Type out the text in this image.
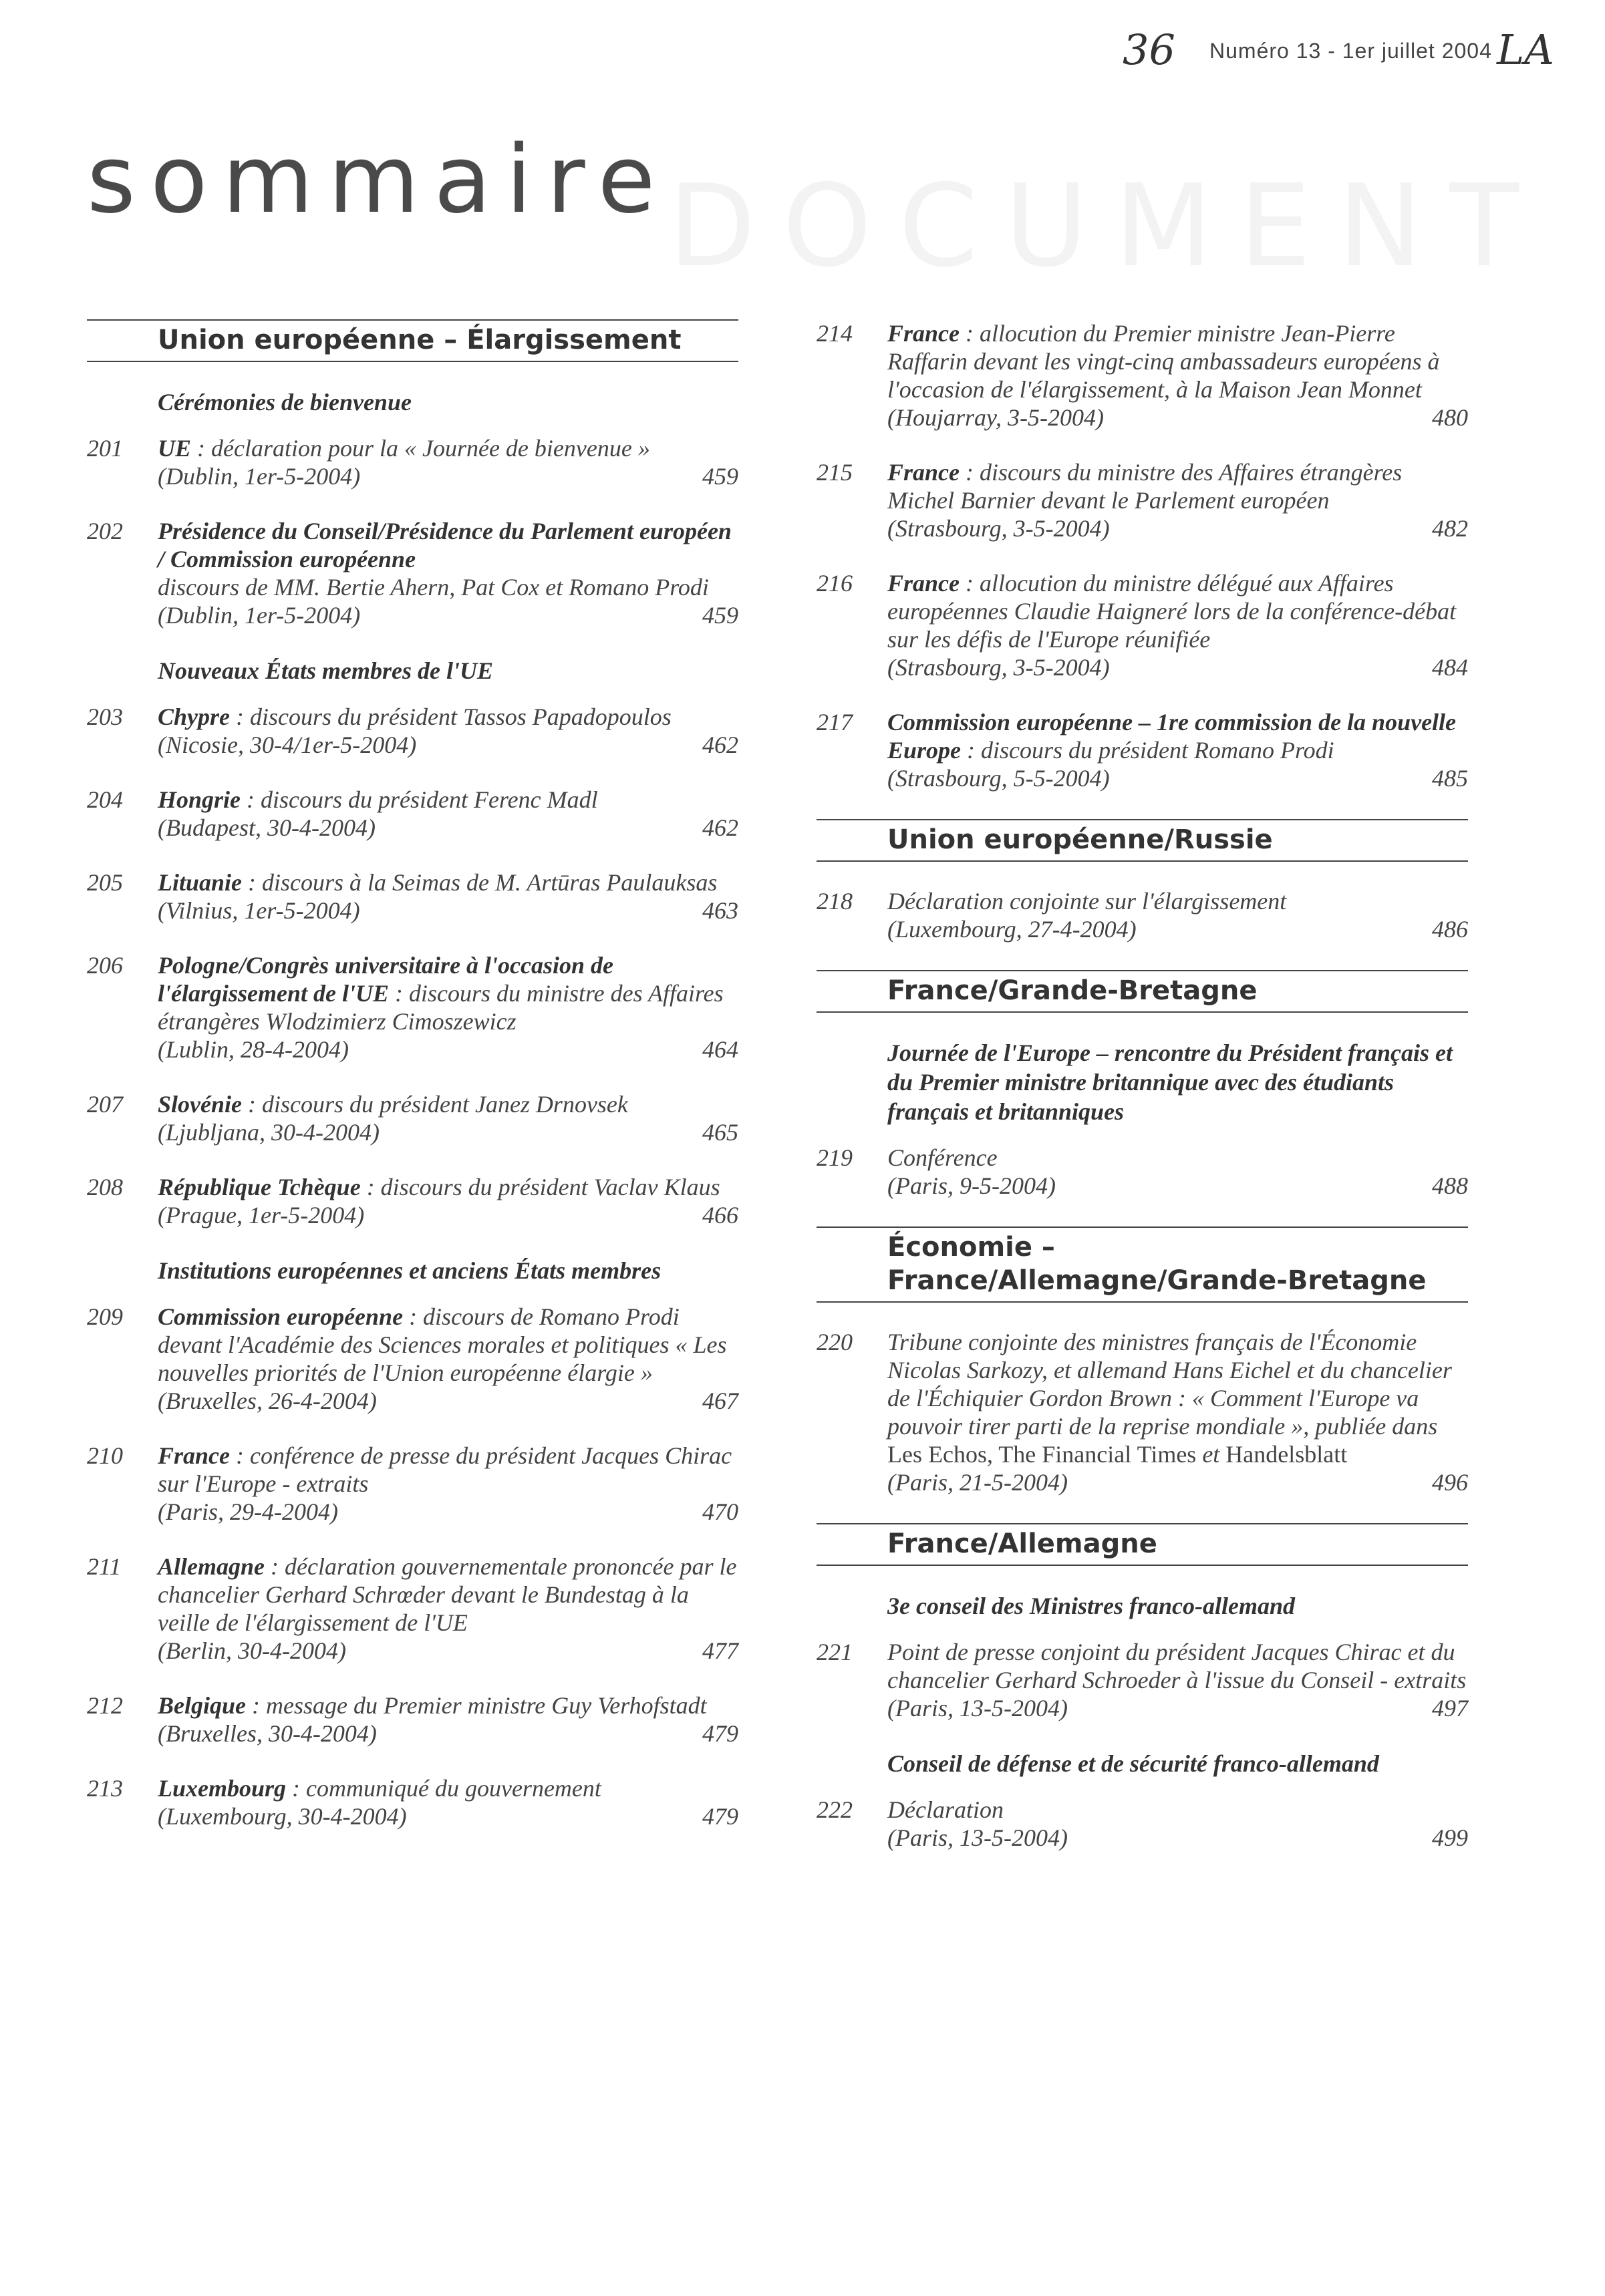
36 Numéro 13 - 1er juillet 2004 LA
DOCUMENT
sommaire
Union européenne – Élargissement
Cérémonies de bienvenue
201	UE : déclaration pour la « Journée de bienvenue »
(Dublin, 1er-5-2004)	459
202	Présidence du Conseil/Présidence du Parlement européen / Commission européenne
discours de MM. Bertie Ahern, Pat Cox et Romano Prodi
(Dublin, 1er-5-2004)	459
Nouveaux États membres de l'UE
203	Chypre : discours du président Tassos Papadopoulos
(Nicosie, 30-4/1er-5-2004)	462
204	Hongrie : discours du président Ferenc Madl
(Budapest, 30-4-2004)	462
205	Lituanie : discours à la Seimas de M. Artūras Paulauksas
(Vilnius, 1er-5-2004)	463
206	Pologne/Congrès universitaire à l'occasion de l'élargissement de l'UE : discours du ministre des Affaires étrangères Wlodzimierz Cimoszewicz
(Lublin, 28-4-2004)	464
207	Slovénie : discours du président Janez Drnovsek
(Ljubljana, 30-4-2004)	465
208	République Tchèque : discours du président Vaclav Klaus
(Prague, 1er-5-2004)	466
Institutions européennes et anciens États membres
209	Commission européenne : discours de Romano Prodi devant l'Académie des Sciences morales et politiques « Les nouvelles priorités de l'Union européenne élargie »
(Bruxelles, 26-4-2004)	467
210	France : conférence de presse du président Jacques Chirac sur l'Europe - extraits
(Paris, 29-4-2004)	470
211	Allemagne : déclaration gouvernementale prononcée par le chancelier Gerhard Schrœder devant le Bundestag à la veille de l'élargissement de l'UE
(Berlin, 30-4-2004)	477
212	Belgique : message du Premier ministre Guy Verhofstadt
(Bruxelles, 30-4-2004)	479
213	Luxembourg : communiqué du gouvernement
(Luxembourg, 30-4-2004)	479
214	France : allocution du Premier ministre Jean-Pierre Raffarin devant les vingt-cinq ambassadeurs européens à l'occasion de l'élargissement, à la Maison Jean Monnet
(Houjarray, 3-5-2004)	480
215	France : discours du ministre des Affaires étrangères Michel Barnier devant le Parlement européen
(Strasbourg, 3-5-2004)	482
216	France : allocution du ministre délégué aux Affaires européennes Claudie Haigneré lors de la conférence-débat sur les défis de l'Europe réunifiée
(Strasbourg, 3-5-2004)	484
217	Commission européenne – 1re commission de la nouvelle Europe : discours du président Romano Prodi
(Strasbourg, 5-5-2004)	485
Union européenne/Russie
218	Déclaration conjointe sur l'élargissement
(Luxembourg, 27-4-2004)	486
France/Grande-Bretagne
Journée de l'Europe – rencontre du Président français et du Premier ministre britannique avec des étudiants français et britanniques
219	Conférence
(Paris, 9-5-2004)	488
Économie –
France/Allemagne/Grande-Bretagne
220	Tribune conjointe des ministres français de l'Économie Nicolas Sarkozy, et allemand Hans Eichel et du chancelier de l'Échiquier Gordon Brown : « Comment l'Europe va pouvoir tirer parti de la reprise mondiale », publiée dans
Les Echos, The Financial Times et Handelsblatt
(Paris, 21-5-2004)	496
France/Allemagne
3e conseil des Ministres franco-allemand
221	Point de presse conjoint du président Jacques Chirac et du chancelier Gerhard Schroeder à l'issue du Conseil - extraits
(Paris, 13-5-2004)	497
Conseil de défense et de sécurité franco-allemand
222	Déclaration
(Paris, 13-5-2004)	499
